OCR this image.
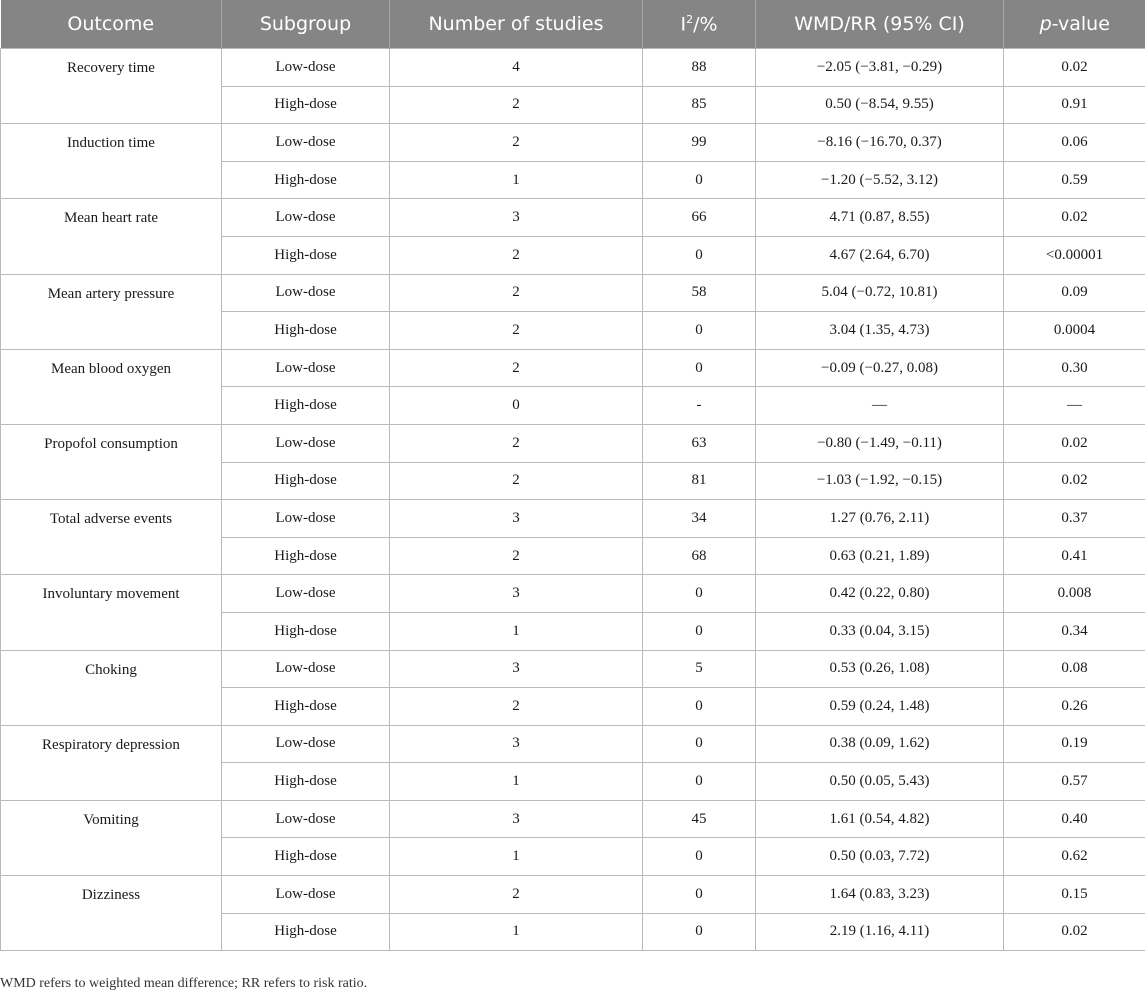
Outcome	Subgroup	Number of studies	$I^2/\%$	WMD/RR (95% CI)	p-value
Recovery time	Low-dose	4	88	−2.05 (−3.81, −0.29)	0.02
	High-dose	2	85	0.50 (−8.54, 9.55)	0.91
Induction time	Low-dose	2	99	−8.16 (−16.70, 0.37)	0.06
	High-dose	1	0	−1.20 (−5.52, 3.12)	0.59
Mean heart rate	Low-dose	3	66	4.71 (0.87, 8.55)	0.02
	High-dose	2	0	4.67 (2.64, 6.70)	<0.00001
Mean artery pressure	Low-dose	2	58	5.04 (−0.72, 10.81)	0.09
	High-dose	2	0	3.04 (1.35, 4.73)	0.0004
Mean blood oxygen	Low-dose	2	0	−0.09 (−0.27, 0.08)	0.30
	High-dose	0	-	—	—
Propofol consumption	Low-dose	2	63	−0.80 (−1.49, −0.11)	0.02
	High-dose	2	81	−1.03 (−1.92, −0.15)	0.02
Total adverse events	Low-dose	3	34	1.27 (0.76, 2.11)	0.37
	High-dose	2	68	0.63 (0.21, 1.89)	0.41
Involuntary movement	Low-dose	3	0	0.42 (0.22, 0.80)	0.008
	High-dose	1	0	0.33 (0.04, 3.15)	0.34
Choking	Low-dose	3	5	0.53 (0.26, 1.08)	0.08
	High-dose	2	0	0.59 (0.24, 1.48)	0.26
Respiratory depression	Low-dose	3	0	0.38 (0.09, 1.62)	0.19
	High-dose	1	0	0.50 (0.05, 5.43)	0.57
Vomiting	Low-dose	3	45	1.61 (0.54, 4.82)	0.40
	High-dose	1	0	0.50 (0.03, 7.72)	0.62
Dizziness	Low-dose	2	0	1.64 (0.83, 3.23)	0.15
	High-dose	1	0	2.19 (1.16, 4.11)	0.02
WMD refers to weighted mean difference; RR refers to risk ratio.
